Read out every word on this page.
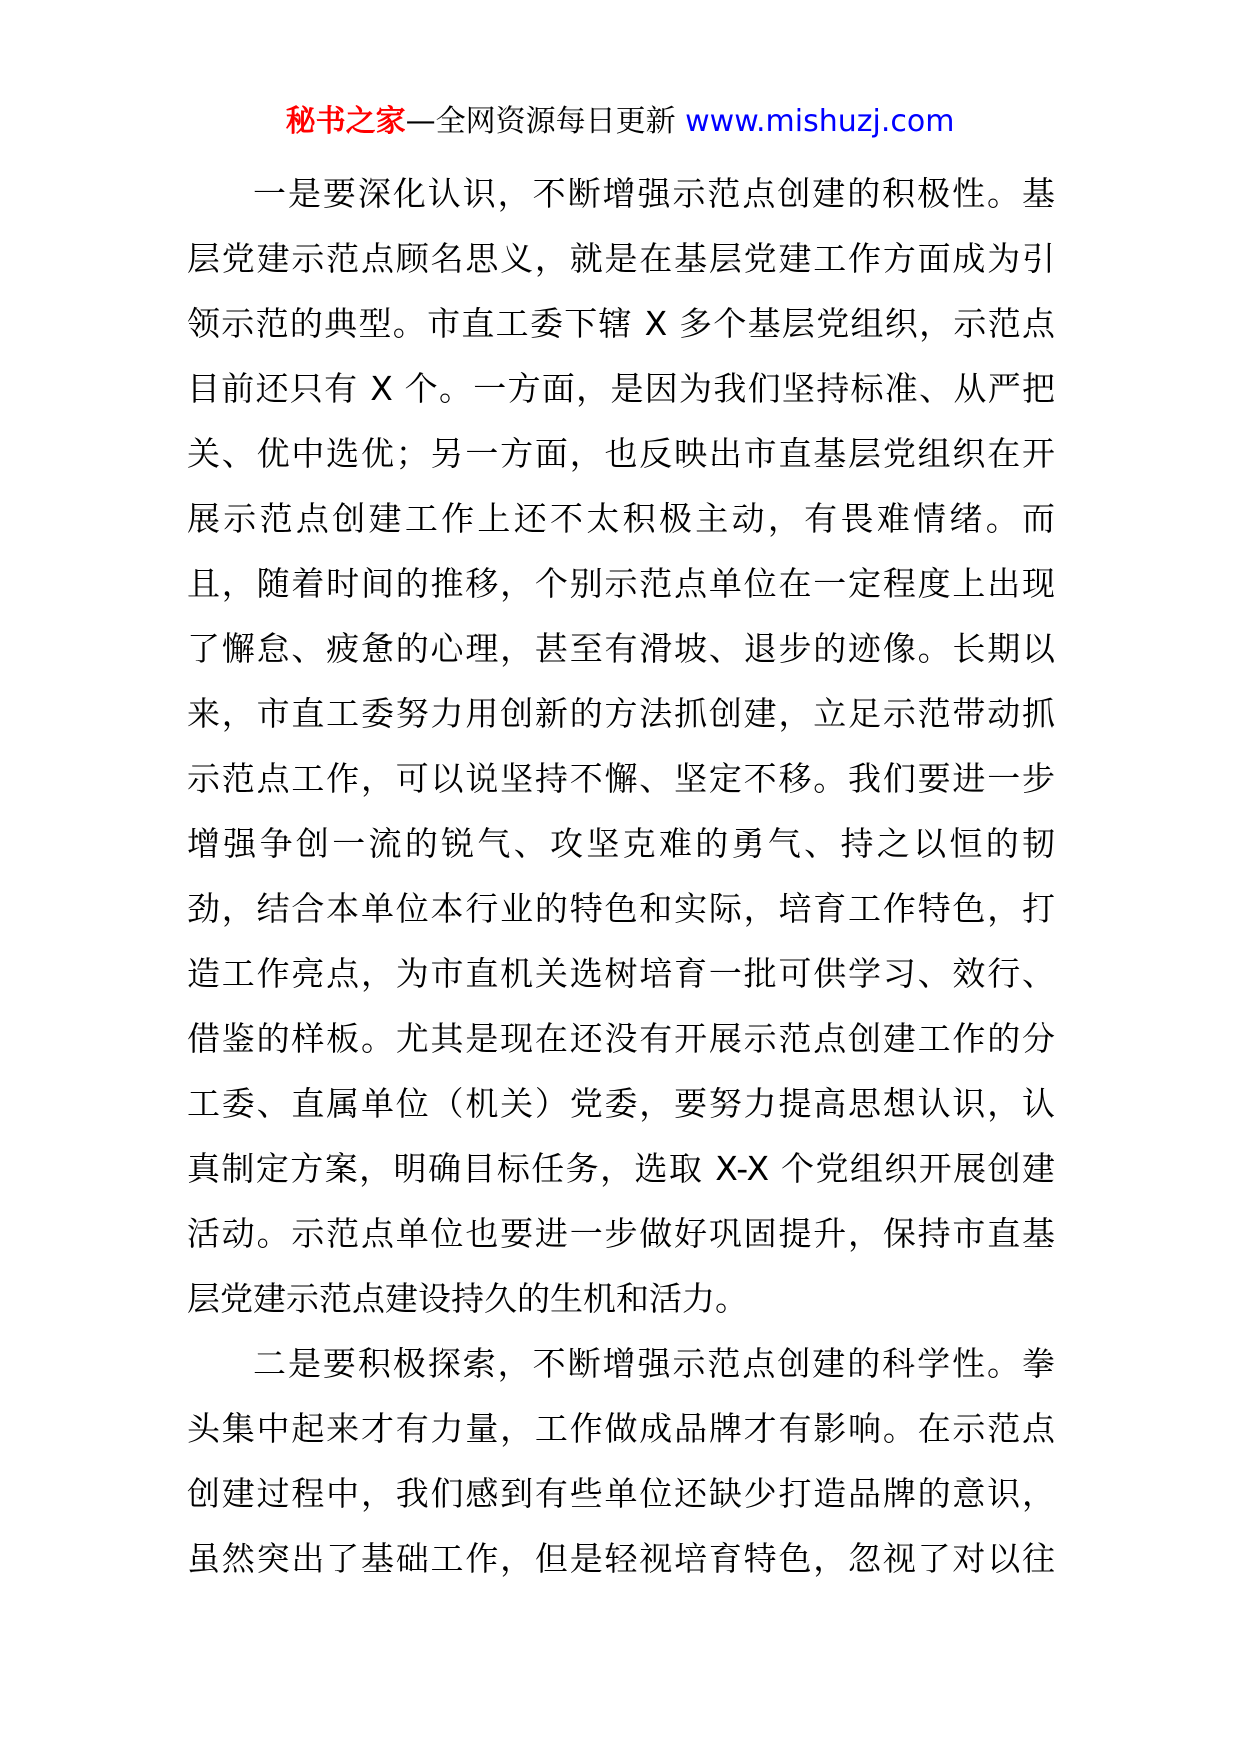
秘书之家—全网资源每日更新 www.mishuzj.com
一是要深化认识，不断增强示范点创建的积极性。基
层党建示范点顾名思义，就是在基层党建工作方面成为引
领示范的典型。市直工委下辖 X 多个基层党组织，示范点
目前还只有 X 个。一方面，是因为我们坚持标准、从严把
关、优中选优；另一方面，也反映出市直基层党组织在开
展示范点创建工作上还不太积极主动，有畏难情绪。而
且，随着时间的推移，个别示范点单位在一定程度上出现
了懈怠、疲惫的心理，甚至有滑坡、退步的迹像。长期以
来，市直工委努力用创新的方法抓创建，立足示范带动抓
示范点工作，可以说坚持不懈、坚定不移。我们要进一步
增强争创一流的锐气、攻坚克难的勇气、持之以恒的韧
劲，结合本单位本行业的特色和实际，培育工作特色，打
造工作亮点，为市直机关选树培育一批可供学习、效行、
借鉴的样板。尤其是现在还没有开展示范点创建工作的分
工委、直属单位（机关）党委，要努力提高思想认识，认
真制定方案，明确目标任务，选取 X-X 个党组织开展创建
活动。示范点单位也要进一步做好巩固提升，保持市直基
层党建示范点建设持久的生机和活力。
二是要积极探索，不断增强示范点创建的科学性。拳
头集中起来才有力量，工作做成品牌才有影响。在示范点
创建过程中，我们感到有些单位还缺少打造品牌的意识，
虽然突出了基础工作，但是轻视培育特色，忽视了对以往
